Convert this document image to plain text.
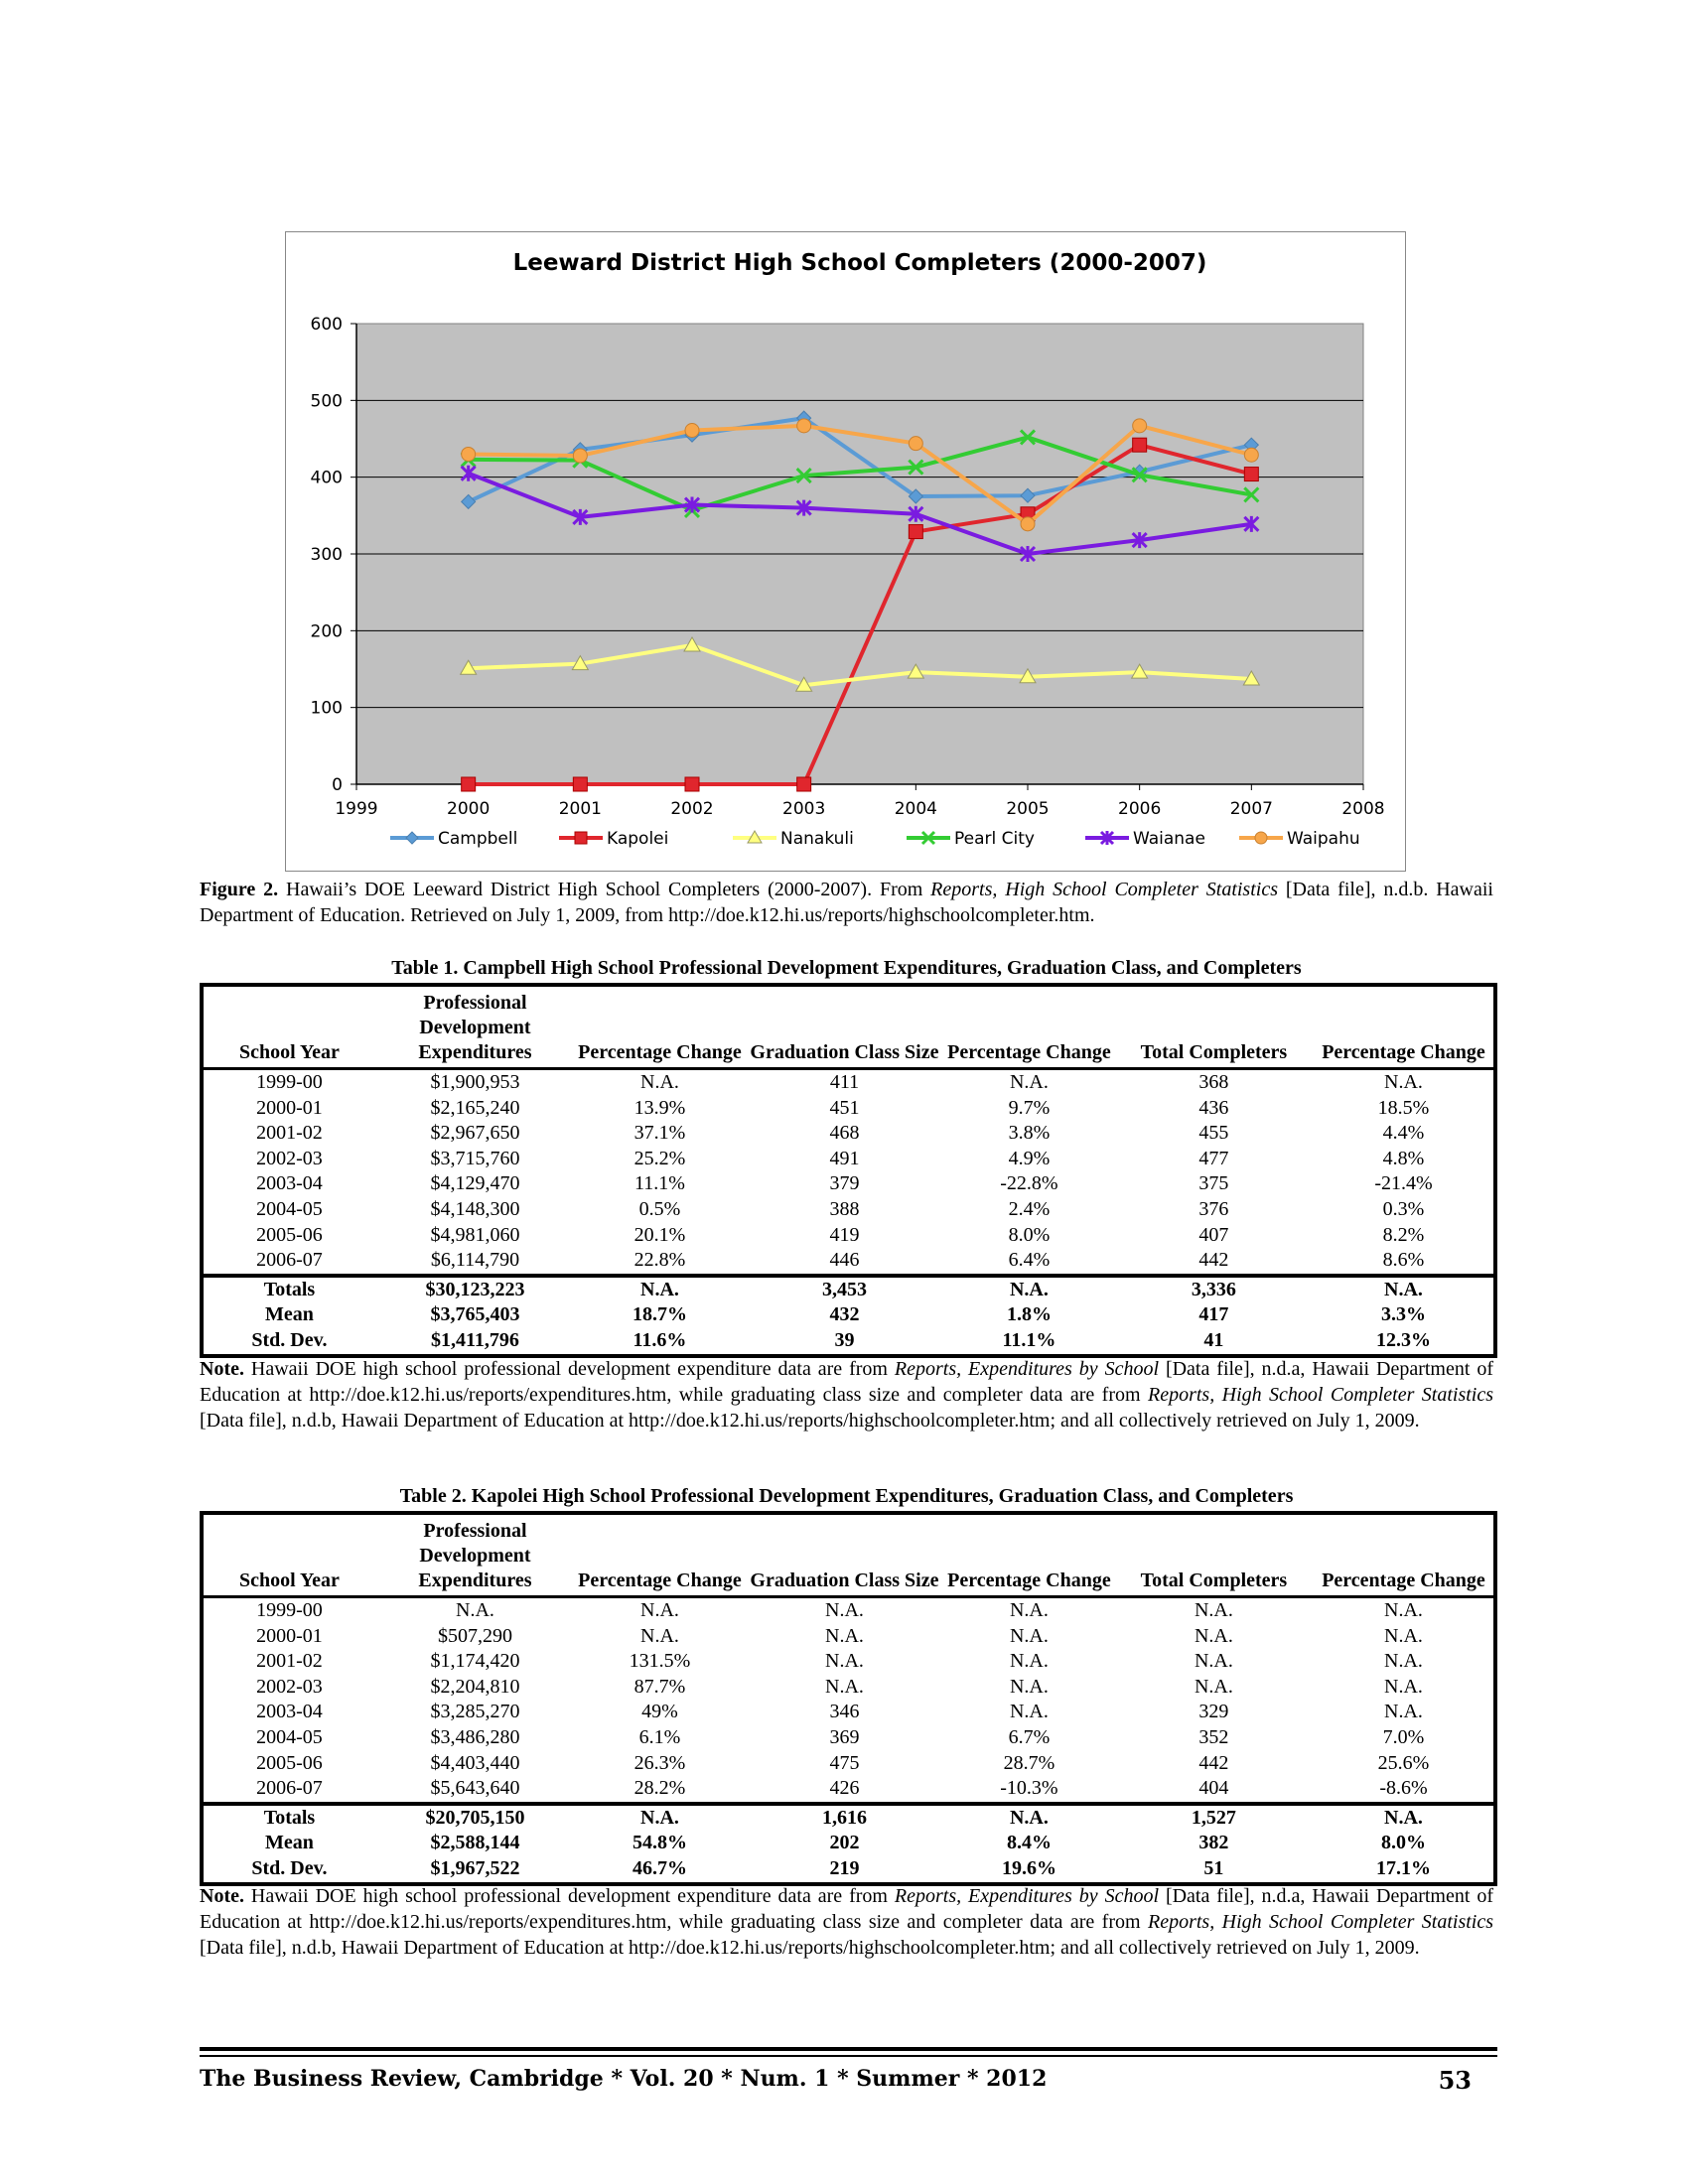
Leeward District High School Completers (2000-2007)
0
100
200
300
400
500
600
1999	2000	2001	2002	2003	2004	2005	2006	2007	2008
Campbell	Kapolei	Nanakuli	Pearl City	Waianae	Waipahu
Figure 2. Hawaii’s DOE Leeward District High School Completers (2000-2007). From Reports, High School Completer Statistics [Data file], n.d.b. Hawaii Department of Education. Retrieved on July 1, 2009, from http://doe.k12.hi.us/reports/highschoolcompleter.htm.
Table 1. Campbell High School Professional Development Expenditures, Graduation Class, and Completers
School Year	Professional Development Expenditures	Percentage Change	Graduation Class Size	Percentage Change	Total Completers	Percentage Change
1999-00	$1,900,953	N.A.	411	N.A.	368	N.A.
2000-01	$2,165,240	13.9%	451	9.7%	436	18.5%
2001-02	$2,967,650	37.1%	468	3.8%	455	4.4%
2002-03	$3,715,760	25.2%	491	4.9%	477	4.8%
2003-04	$4,129,470	11.1%	379	-22.8%	375	-21.4%
2004-05	$4,148,300	0.5%	388	2.4%	376	0.3%
2005-06	$4,981,060	20.1%	419	8.0%	407	8.2%
2006-07	$6,114,790	22.8%	446	6.4%	442	8.6%
Totals	$30,123,223	N.A.	3,453	N.A.	3,336	N.A.
Mean	$3,765,403	18.7%	432	1.8%	417	3.3%
Std. Dev.	$1,411,796	11.6%	39	11.1%	41	12.3%
Note. Hawaii DOE high school professional development expenditure data are from Reports, Expenditures by School [Data file], n.d.a, Hawaii Department of Education at http://doe.k12.hi.us/reports/expenditures.htm, while graduating class size and completer data are from Reports, High School Completer Statistics [Data file], n.d.b, Hawaii Department of Education at http://doe.k12.hi.us/reports/highschoolcompleter.htm; and all collectively retrieved on July 1, 2009.
Table 2. Kapolei High School Professional Development Expenditures, Graduation Class, and Completers
School Year	Professional Development Expenditures	Percentage Change	Graduation Class Size	Percentage Change	Total Completers	Percentage Change
1999-00	N.A.	N.A.	N.A.	N.A.	N.A.	N.A.
2000-01	$507,290	N.A.	N.A.	N.A.	N.A.	N.A.
2001-02	$1,174,420	131.5%	N.A.	N.A.	N.A.	N.A.
2002-03	$2,204,810	87.7%	N.A.	N.A.	N.A.	N.A.
2003-04	$3,285,270	49%	346	N.A.	329	N.A.
2004-05	$3,486,280	6.1%	369	6.7%	352	7.0%
2005-06	$4,403,440	26.3%	475	28.7%	442	25.6%
2006-07	$5,643,640	28.2%	426	-10.3%	404	-8.6%
Totals	$20,705,150	N.A.	1,616	N.A.	1,527	N.A.
Mean	$2,588,144	54.8%	202	8.4%	382	8.0%
Std. Dev.	$1,967,522	46.7%	219	19.6%	51	17.1%
Note. Hawaii DOE high school professional development expenditure data are from Reports, Expenditures by School [Data file], n.d.a, Hawaii Department of Education at http://doe.k12.hi.us/reports/expenditures.htm, while graduating class size and completer data are from Reports, High School Completer Statistics [Data file], n.d.b, Hawaii Department of Education at http://doe.k12.hi.us/reports/highschoolcompleter.htm; and all collectively retrieved on July 1, 2009.
The Business Review, Cambridge * Vol. 20 * Num. 1 * Summer * 2012	53
